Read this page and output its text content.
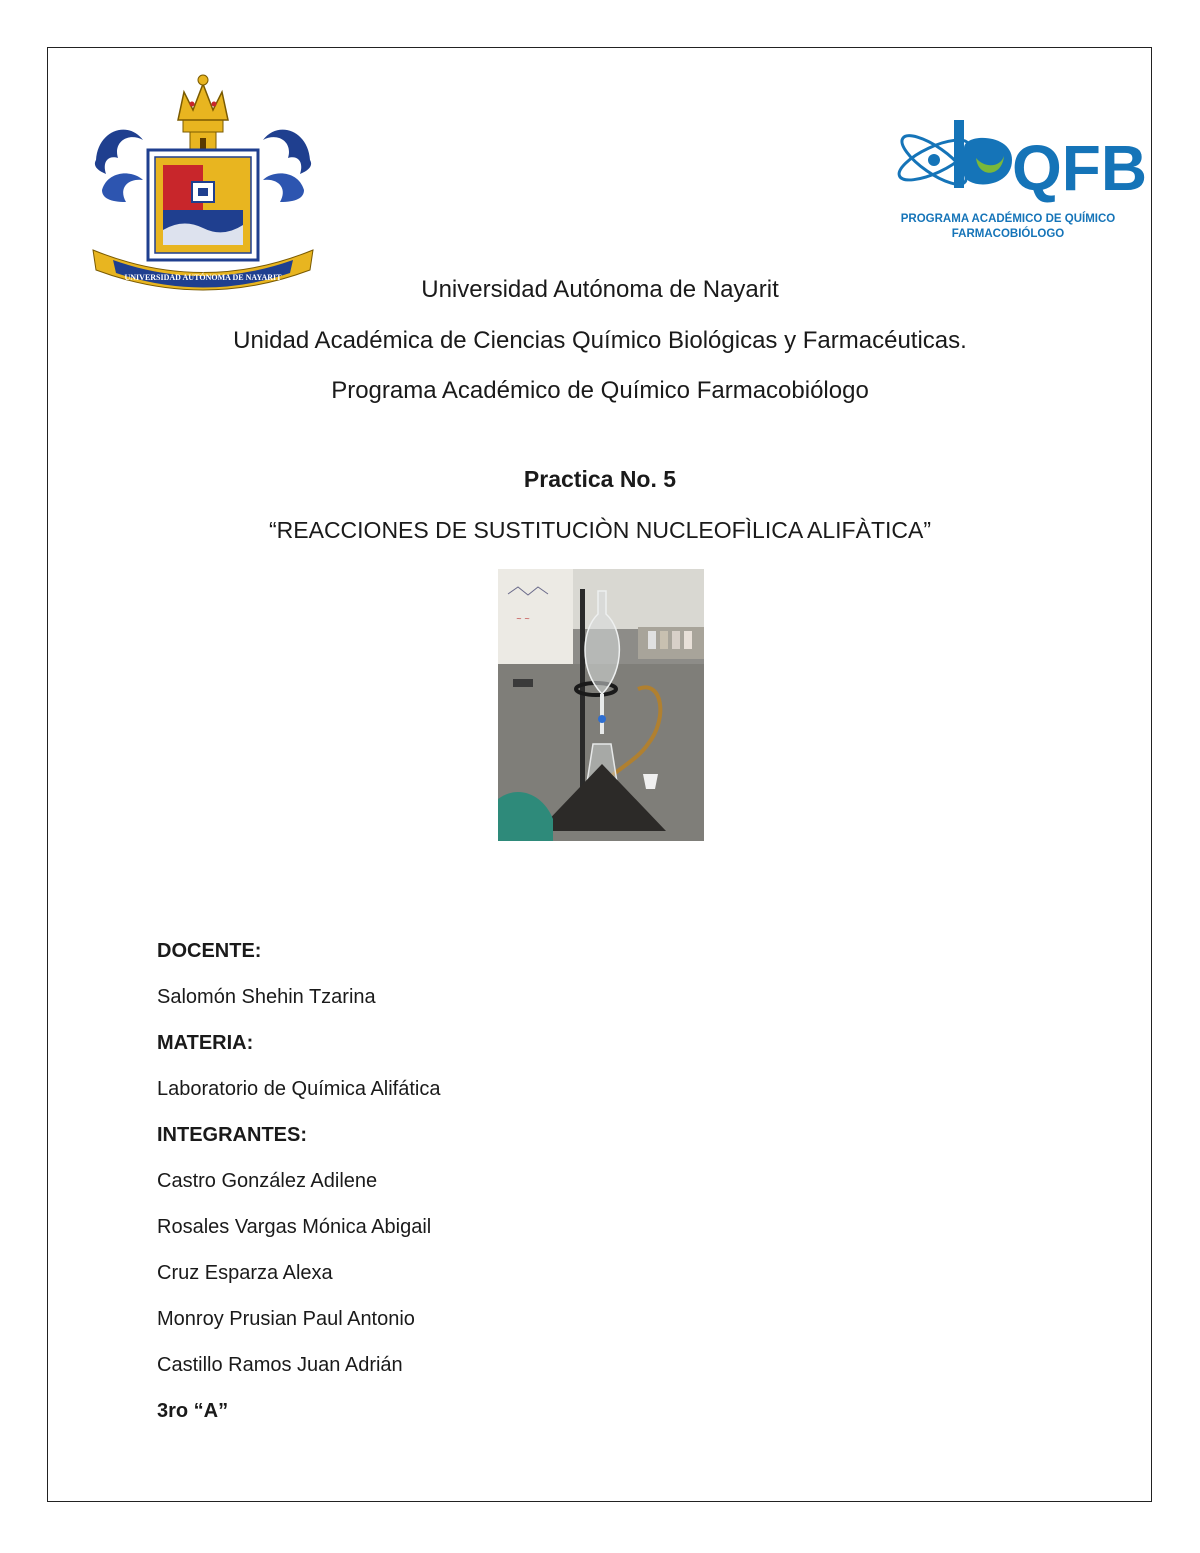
UNIVERSIDAD AUTÓNOMA DE NAYARIT
QFB
PROGRAMA ACADÉMICO DE QUÍMICO
FARMACOBIÓLOGO
Universidad Autónoma de Nayarit
Unidad Académica de Ciencias Químico Biológicas y Farmacéuticas.
Programa Académico de Químico Farmacobiólogo
Practica No. 5
“REACCIONES DE SUSTITUCIÒN NUCLEOFÌLICA ALIFÀTICA”
~ ~
DOCENTE:
Salomón Shehin Tzarina
MATERIA:
Laboratorio de Química Alifática
INTEGRANTES:
Castro González Adilene
Rosales Vargas Mónica Abigail
Cruz Esparza Alexa
Monroy Prusian Paul Antonio
Castillo Ramos Juan Adrián
3ro “A”
